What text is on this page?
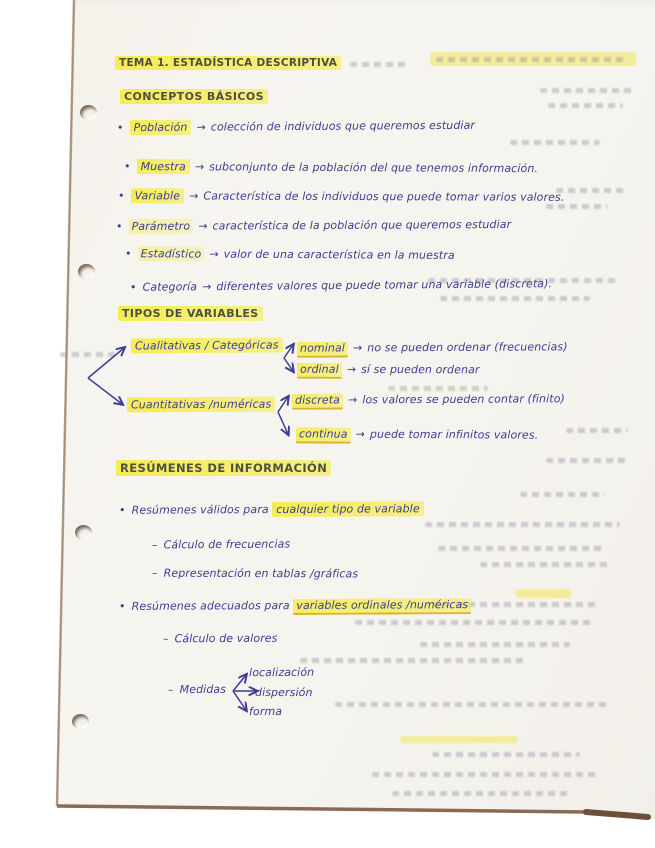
TEMA 1. ESTADÍSTICA DESCRIPTIVA
CONCEPTOS BÁSICOS
• Población → colección de individuos que queremos estudiar
• Muestra → subconjunto de la población del que tenemos información.
• Variable → Característica de los individuos que puede tomar varios valores.
• Parámetro → característica de la población que queremos estudiar
• Estadístico → valor de una característica en la muestra
• Categoría → diferentes valores que puede tomar una variable (discreta).
TIPOS DE VARIABLES
Cualitativas / Categóricas	nominal → no se pueden ordenar (frecuencias)
ordinal → sí se pueden ordenar
Cuantitativas /numéricas	discreta → los valores se pueden contar (finito)
continua → puede tomar infinitos valores.
RESÚMENES DE INFORMACIÓN
• Resúmenes válidos para cualquier tipo de variable
– Cálculo de frecuencias
– Representación en tablas /gráficas
• Resúmenes adecuados para variables ordinales /numéricas
– Cálculo de valores
– Medidas
localización
dispersión
forma
